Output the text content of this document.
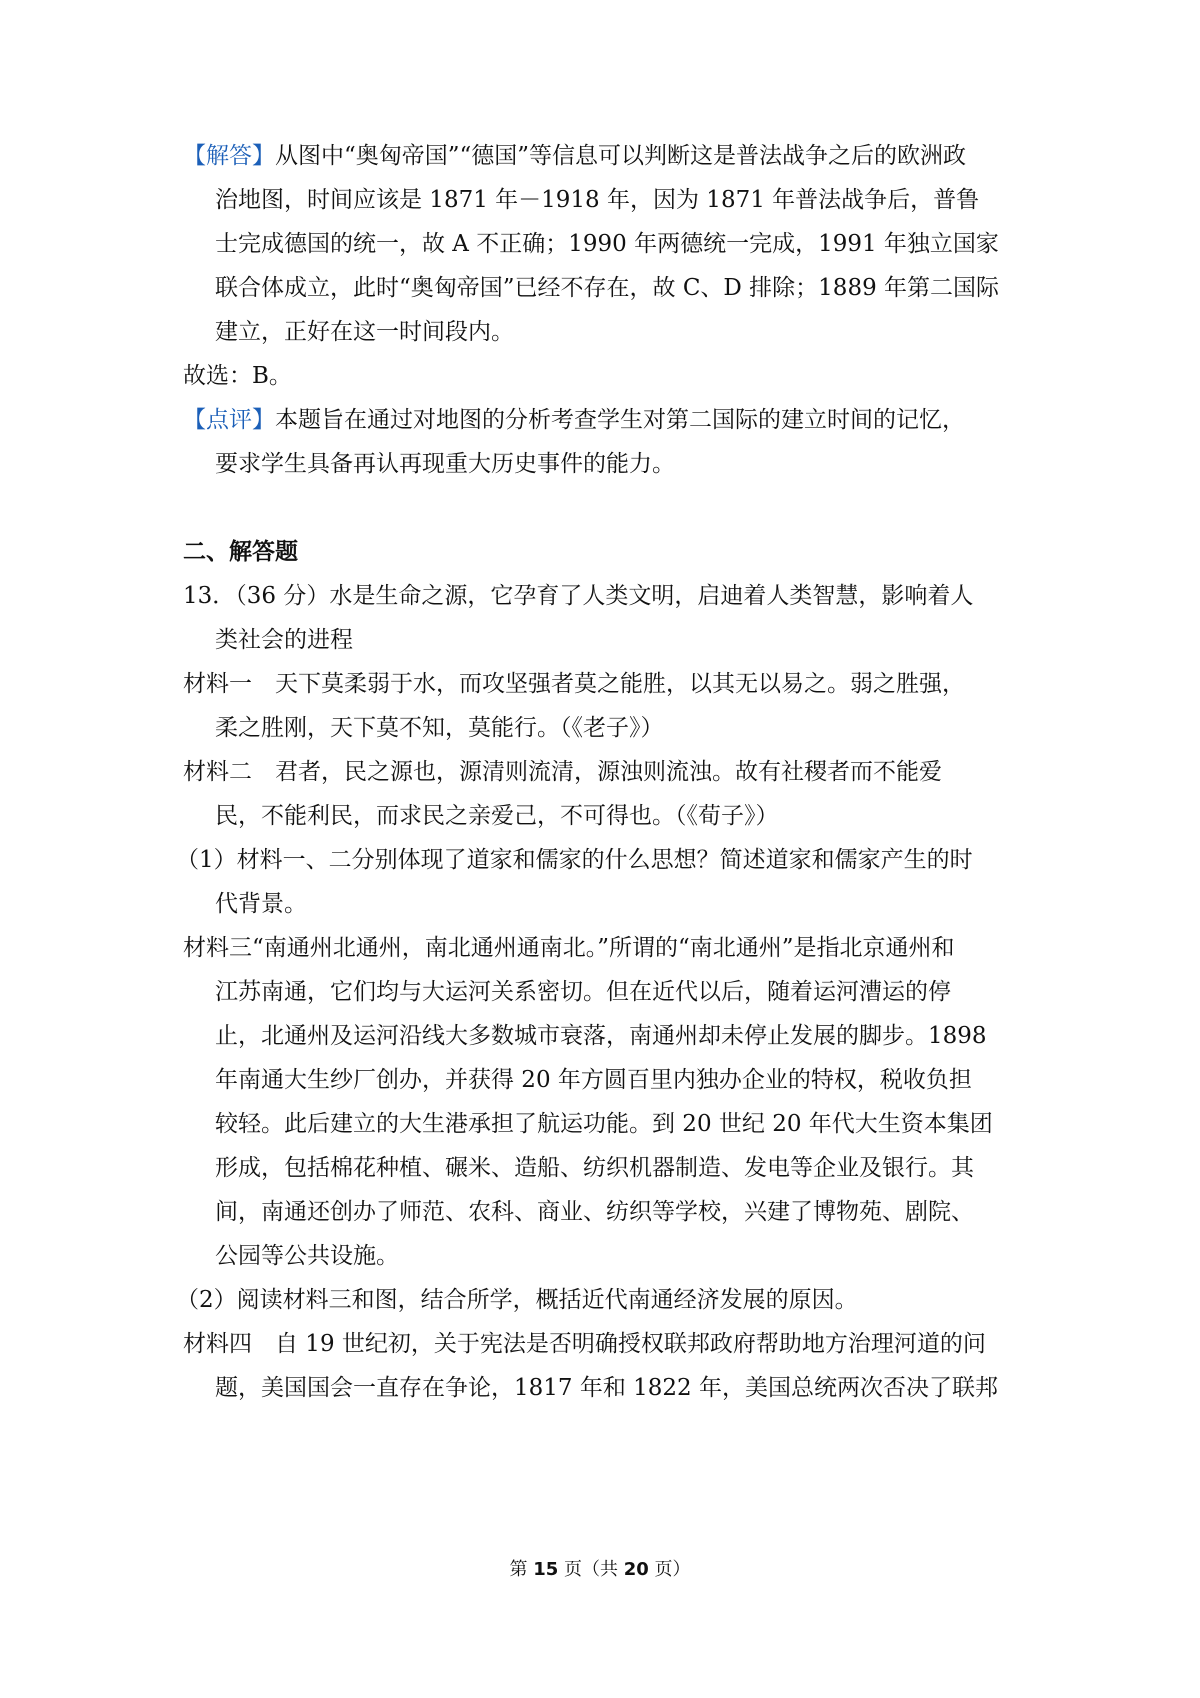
【解答】从图中“奥匈帝国”“德国”等信息可以判断这是普法战争之后的欧洲政
治地图，时间应该是 1871 年－1918 年，因为 1871 年普法战争后，普鲁
士完成德国的统一，故 A 不正确；1990 年两德统一完成，1991 年独立国家
联合体成立，此时“奥匈帝国”已经不存在，故 C、D 排除；1889 年第二国际
建立，正好在这一时间段内。
故选：B。
【点评】本题旨在通过对地图的分析考查学生对第二国际的建立时间的记忆，
要求学生具备再认再现重大历史事件的能力。
二、解答题
13．（36 分）水是生命之源，它孕育了人类文明，启迪着人类智慧，影响着人
类社会的进程
材料一　天下莫柔弱于水，而攻坚强者莫之能胜，以其无以易之。弱之胜强，
柔之胜刚，天下莫不知，莫能行。（《老子》）
材料二　君者，民之源也，源清则流清，源浊则流浊。故有社稷者而不能爱
民，不能利民，而求民之亲爱己，不可得也。（《荀子》）
（1）材料一、二分别体现了道家和儒家的什么思想？简述道家和儒家产生的时
代背景。
材料三“南通州北通州，南北通州通南北。”所谓的“南北通州”是指北京通州和
江苏南通，它们均与大运河关系密切。但在近代以后，随着运河漕运的停
止，北通州及运河沿线大多数城市衰落，南通州却未停止发展的脚步。1898
年南通大生纱厂创办，并获得 20 年方圆百里内独办企业的特权，税收负担
较轻。此后建立的大生港承担了航运功能。到 20 世纪 20 年代大生资本集团
形成，包括棉花种植、碾米、造船、纺织机器制造、发电等企业及银行。其
间，南通还创办了师范、农科、商业、纺织等学校，兴建了博物苑、剧院、
公园等公共设施。
（2）阅读材料三和图，结合所学，概括近代南通经济发展的原因。
材料四　自 19 世纪初，关于宪法是否明确授权联邦政府帮助地方治理河道的问
题，美国国会一直存在争论，1817 年和 1822 年，美国总统两次否决了联邦
第 15 页（共 20 页）
